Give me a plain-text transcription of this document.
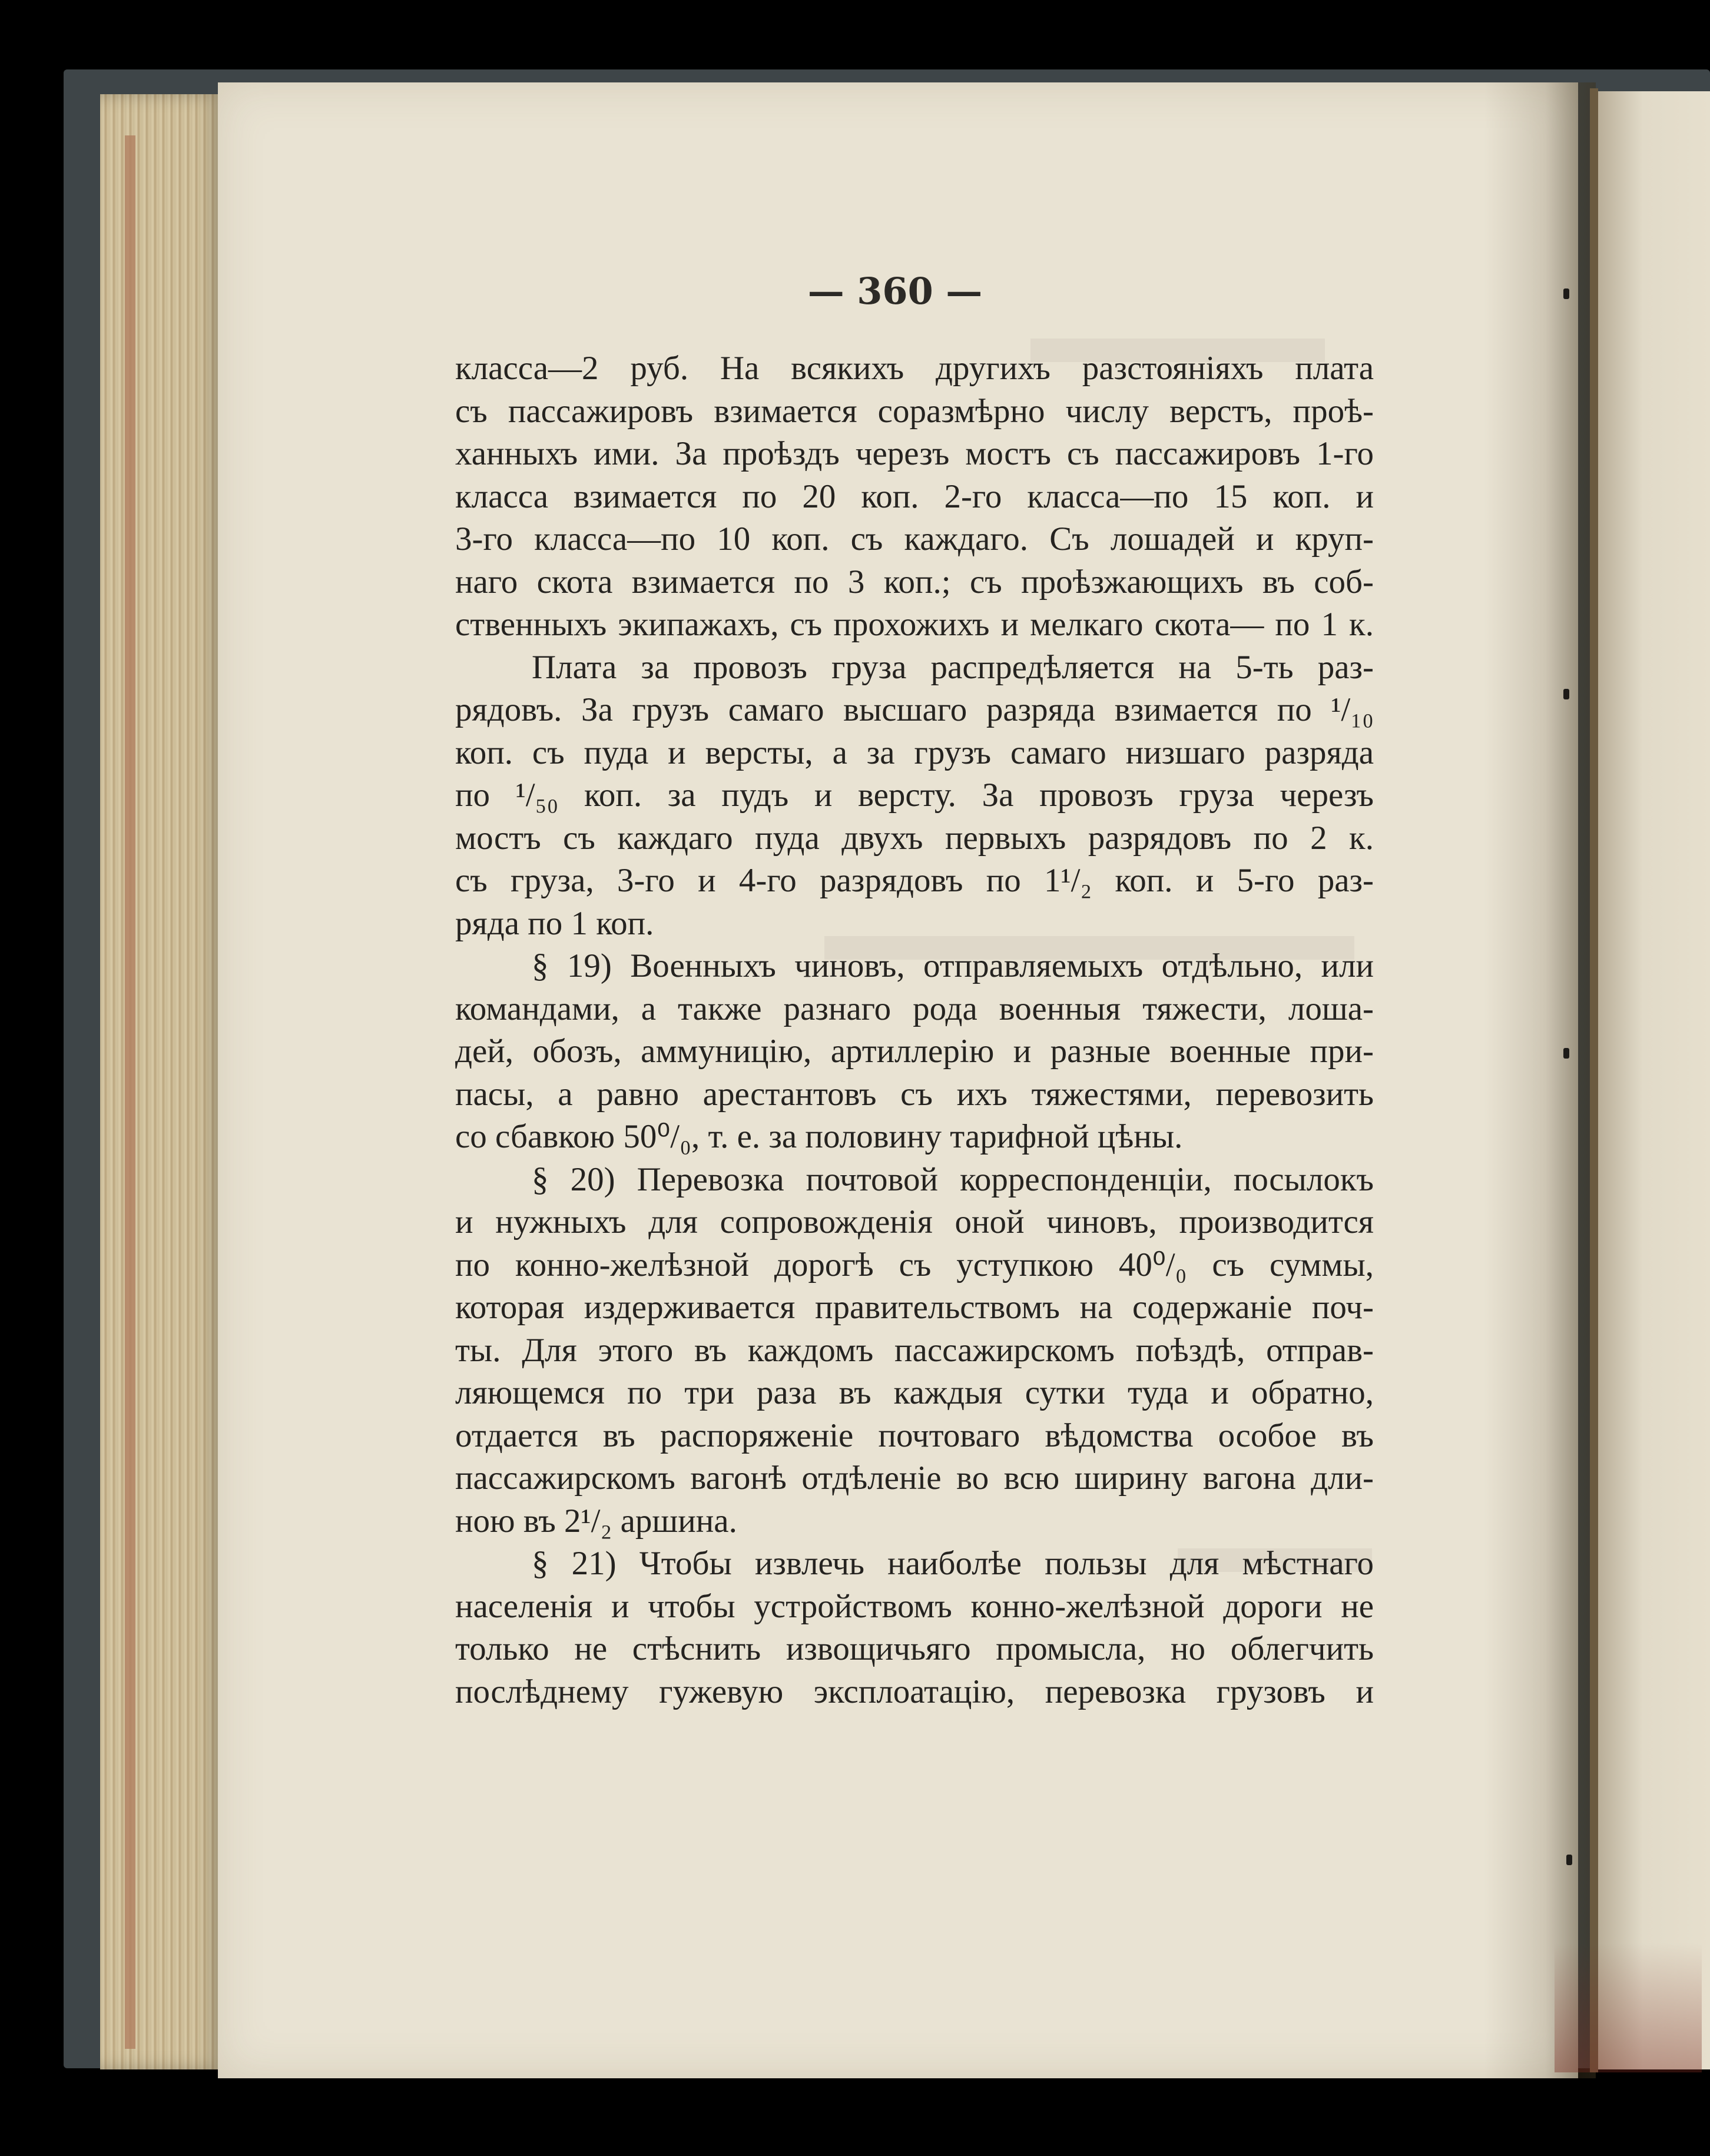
— 360 —
класса—2 руб. На всякихъ другихъ разстояніяхъ плата
съ пассажировъ взимается соразмѣрно числу верстъ, проѣ-
ханныхъ ими. За проѣздъ черезъ мостъ съ пассажировъ 1-го
класса взимается по 20 коп. 2-го класса—по 15 коп. и
3-го класса—по 10 коп. съ каждаго. Съ лошадей и круп-
наго скота взимается по 3 коп.; съ проѣзжающихъ въ соб-
ственныхъ экипажахъ, съ прохожихъ и мелкаго скота— по 1 к.
Плата за провозъ груза распредѣляется на 5-ть раз-
рядовъ. За грузъ самаго высшаго разряда взимается по ¹/₁₀
коп. съ пуда и версты, а за грузъ самаго низшаго разряда
по ¹/₅₀ коп. за пудъ и версту. За провозъ груза черезъ
мостъ съ каждаго пуда двухъ первыхъ разрядовъ по 2 к.
съ груза, 3-го и 4-го разрядовъ по 1¹/₂ коп. и 5-го раз-
ряда по 1 коп.
§ 19) Военныхъ чиновъ, отправляемыхъ отдѣльно, или
командами, а также разнаго рода военныя тяжести, лоша-
дей, обозъ, аммуницію, артиллерію и разные военные при-
пасы, а равно арестантовъ съ ихъ тяжестями, перевозить
со сбавкою 50⁰/₀, т. е. за половину тарифной цѣны.
§ 20) Перевозка почтовой корреспонденціи, посылокъ
и нужныхъ для сопровожденія оной чиновъ, производится
по конно-желѣзной дорогѣ съ уступкою 40⁰/₀ съ суммы,
которая издерживается правительствомъ на содержаніе поч-
ты. Для этого въ каждомъ пассажирскомъ поѣздѣ, отправ-
ляющемся по три раза въ каждыя сутки туда и обратно,
отдается въ распоряженіе почтоваго вѣдомства особое въ
пассажирскомъ вагонѣ отдѣленіе во всю ширину вагона дли-
ною въ 2¹/₂ аршина.
§ 21) Чтобы извлечь наиболѣе пользы для мѣстнаго
населенія и чтобы устройствомъ конно-желѣзной дороги не
только не стѣснить извощичьяго промысла, но облегчить
послѣднему гужевую эксплоатацію, перевозка грузовъ и
